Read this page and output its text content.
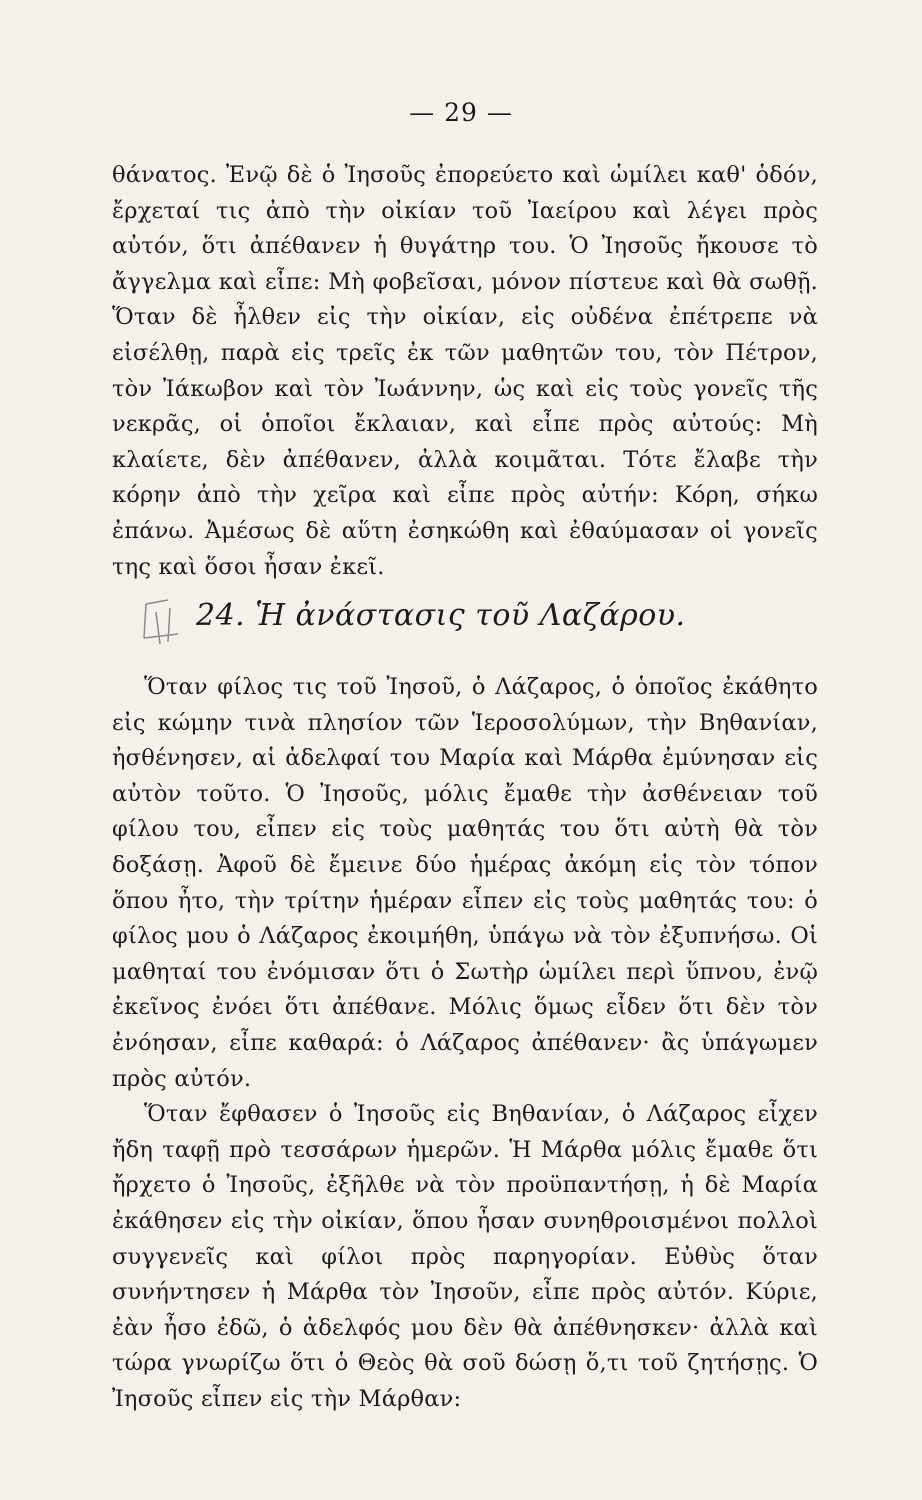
— 29 —

θάνατος. Ἐνῷ δὲ ὁ Ἰησοῦς ἐπορεύετο καὶ ὡμίλει καθ' ὁδόν, ἔρχεταί τις ἀπὸ τὴν οἰκίαν τοῦ Ἰαείρου καὶ λέγει πρὸς αὐτόν, ὅτι ἀπέθανεν ἡ θυγάτηρ του. Ὁ Ἰησοῦς ἤκουσε τὸ ἄγγελμα καὶ εἶπε: Μὴ φοβεῖσαι, μόνον πίστευε καὶ θὰ σωθῇ. Ὅταν δὲ ἦλθεν εἰς τὴν οἰκίαν, εἰς οὐδένα ἐπέτρεπε νὰ εἰσέλθῃ, παρὰ εἰς τρεῖς ἐκ τῶν μαθητῶν του, τὸν Πέτρον, τὸν Ἰάκωβον καὶ τὸν Ἰωάννην, ὡς καὶ εἰς τοὺς γονεῖς τῆς νεκρᾶς, οἱ ὁποῖοι ἔκλαιαν, καὶ εἶπε πρὸς αὐτούς: Μὴ κλαίετε, δὲν ἀπέθανεν, ἀλλὰ κοιμᾶται. Τότε ἔλαβε τὴν κόρην ἀπὸ τὴν χεῖρα καὶ εἶπε πρὸς αὐτήν: Κόρη, σήκω ἐπάνω. Ἀμέσως δὲ αὕτη ἐσηκώθη καὶ ἐθαύμασαν οἱ γονεῖς της καὶ ὅσοι ἦσαν ἐκεῖ.

24. Ἡ ἀνάστασις τοῦ Λαζάρου.

Ὅταν φίλος τις τοῦ Ἰησοῦ, ὁ Λάζαρος, ὁ ὁποῖος ἐκάθητο εἰς κώμην τινὰ πλησίον τῶν Ἱεροσολύμων, τὴν Βηθανίαν, ἠσθένησεν, αἱ ἀδελφαί του Μαρία καὶ Μάρθα ἐμύνησαν εἰς αὐτὸν τοῦτο. Ὁ Ἰησοῦς, μόλις ἔμαθε τὴν ἀσθένειαν τοῦ φίλου του, εἶπεν εἰς τοὺς μαθητάς του ὅτι αὐτὴ θὰ τὸν δοξάσῃ. Ἀφοῦ δὲ ἔμεινε δύο ἡμέρας ἀκόμη εἰς τὸν τόπον ὅπου ἦτο, τὴν τρίτην ἡμέραν εἶπεν εἰς τοὺς μαθητάς του: ὁ φίλος μου ὁ Λάζαρος ἐκοιμήθη, ὑπάγω νὰ τὸν ἐξυπνήσω. Οἱ μαθηταί του ἐνόμισαν ὅτι ὁ Σωτὴρ ὡμίλει περὶ ὕπνου, ἐνῷ ἐκεῖνος ἐνόει ὅτι ἀπέθανε. Μόλις ὅμως εἶδεν ὅτι δὲν τὸν ἐνόησαν, εἶπε καθαρά: ὁ Λάζαρος ἀπέθανεν· ἂς ὑπάγωμεν πρὸς αὐτόν.

Ὅταν ἔφθασεν ὁ Ἰησοῦς εἰς Βηθανίαν, ὁ Λάζαρος εἶχεν ἤδη ταφῇ πρὸ τεσσάρων ἡμερῶν. Ἡ Μάρθα μόλις ἔμαθε ὅτι ἤρχετο ὁ Ἰησοῦς, ἐξῆλθε νὰ τὸν προϋπαντήσῃ, ἡ δὲ Μαρία ἐκάθησεν εἰς τὴν οἰκίαν, ὅπου ἦσαν συνηθροισμένοι πολλοὶ συγγενεῖς καὶ φίλοι πρὸς παρηγορίαν. Εὐθὺς ὅταν συνήντησεν ἡ Μάρθα τὸν Ἰησοῦν, εἶπε πρὸς αὐτόν. Κύριε, ἐὰν ἦσο ἐδῶ, ὁ ἀδελφός μου δὲν θὰ ἀπέθνησκεν· ἀλλὰ καὶ τώρα γνωρίζω ὅτι ὁ Θεὸς θὰ σοῦ δώσῃ ὅ,τι τοῦ ζητήσῃς. Ὁ Ἰησοῦς εἶπεν εἰς τὴν Μάρθαν:
